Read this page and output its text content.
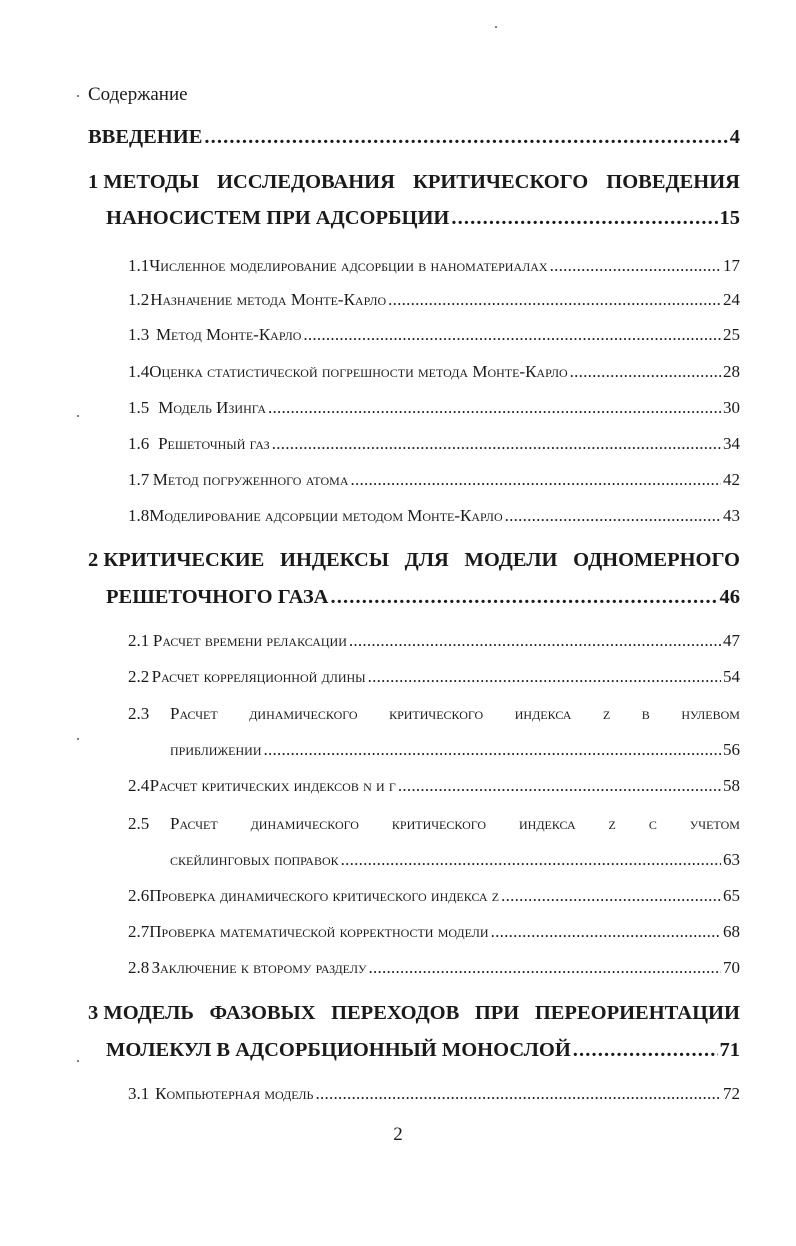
Содержание
ВВЕДЕНИЕ . . .	4
1 МЕТОДЫ ИССЛЕДОВАНИЯ КРИТИЧЕСКОГО ПОВЕДЕНИЯ
НАНОСИСТЕМ ПРИ АДСОРБЦИИ . . .	15
1.1 Численное моделирование адсорбции в наноматериалах . . .	17
1.2 Назначение метода Монте-Карло . . .	24
1.3 Метод Монте-Карло . . .	25
1.4 Оценка статистической погрешности метода Монте-Карло . . .	28
1.5 Модель Изинга . . .	30
1.6 Решеточный газ . . .	34
1.7 Метод погруженного атома . . .	42
1.8 Моделирование адсорбции методом Монте-Карло . . .	43
2 КРИТИЧЕСКИЕ ИНДЕКСЫ ДЛЯ МОДЕЛИ ОДНОМЕРНОГО
РЕШЕТОЧНОГО ГАЗА . . .	46
2.1 Расчет времени релаксации . . .	47
2.2 Расчет корреляционной длины . . .	54
2.3	Расчет динамического критического индекса z в нулевом
приближении . . .	56
2.4 Расчет критических индексов ν и γ . . .	58
2.5	Расчет динамического критического индекса z с учетом
скейлинговых поправок . . .	63
2.6 Проверка динамического критического индекса z . . .	65
2.7 Проверка математической корректности модели . . .	68
2.8 Заключение к второму разделу . . .	70
3 МОДЕЛЬ ФАЗОВЫХ ПЕРЕХОДОВ ПРИ ПЕРЕОРИЕНТАЦИИ
МОЛЕКУЛ В АДСОРБЦИОННЫЙ МОНОСЛОЙ . . .	71
3.1 Компьютерная модель . . .	72
2
